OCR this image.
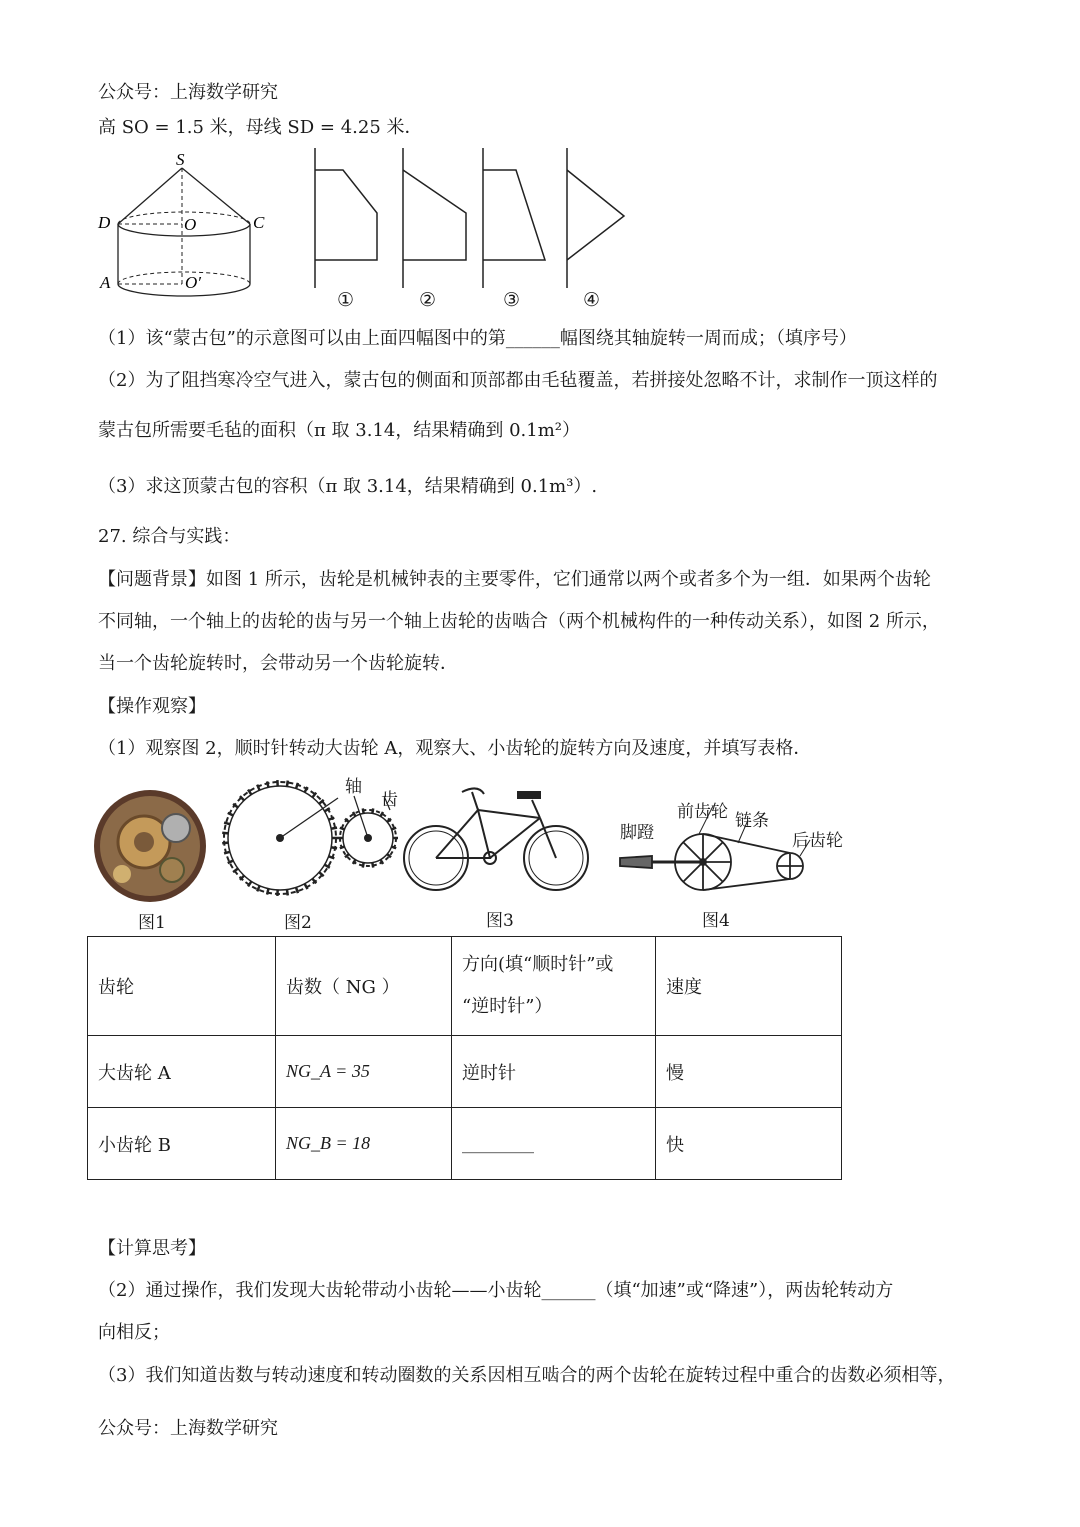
公众号：上海数学研究
高 SO = 1.5 米，母线 SD = 4.25 米．
S
O
D	C
A	O′
①	②	③	④
（1）该“蒙古包”的示意图可以由上面四幅图中的第______幅图绕其轴旋转一周而成；（填序号）
（2）为了阻挡寒冷空气进入，蒙古包的侧面和顶部都由毛毡覆盖，若拼接处忽略不计，求制作一顶这样的
蒙古包所需要毛毡的面积（π 取 3.14，结果精确到 0.1m²）
（3）求这顶蒙古包的容积（π 取 3.14，结果精确到 0.1m³）.
27. 综合与实践：
【问题背景】如图 1 所示，齿轮是机械钟表的主要零件，它们通常以两个或者多个为一组．如果两个齿轮
不同轴，一个轴上的齿轮的齿与另一个轴上齿轮的齿啮合（两个机械构件的一种传动关系），如图 2 所示，
当一个齿轮旋转时，会带动另一个齿轮旋转．
【操作观察】
（1）观察图 2，顺时针转动大齿轮 A，观察大、小齿轮的旋转方向及速度，并填写表格．
轴
齿
脚蹬
前齿轮 链条
后齿轮
图1	图2	图3	图4
齿轮	齿数（ NG ）	方向(填“顺时针”或
“逆时针”）	速度
大齿轮 A	NG_A = 35	逆时针	慢
小齿轮 B	NG_B = 18	________	快
【计算思考】
（2）通过操作，我们发现大齿轮带动小齿轮——小齿轮______（填“加速”或“降速”），两齿轮转动方
向相反；
（3）我们知道齿数与转动速度和转动圈数的关系因相互啮合的两个齿轮在旋转过程中重合的齿数必须相等，
公众号：上海数学研究
